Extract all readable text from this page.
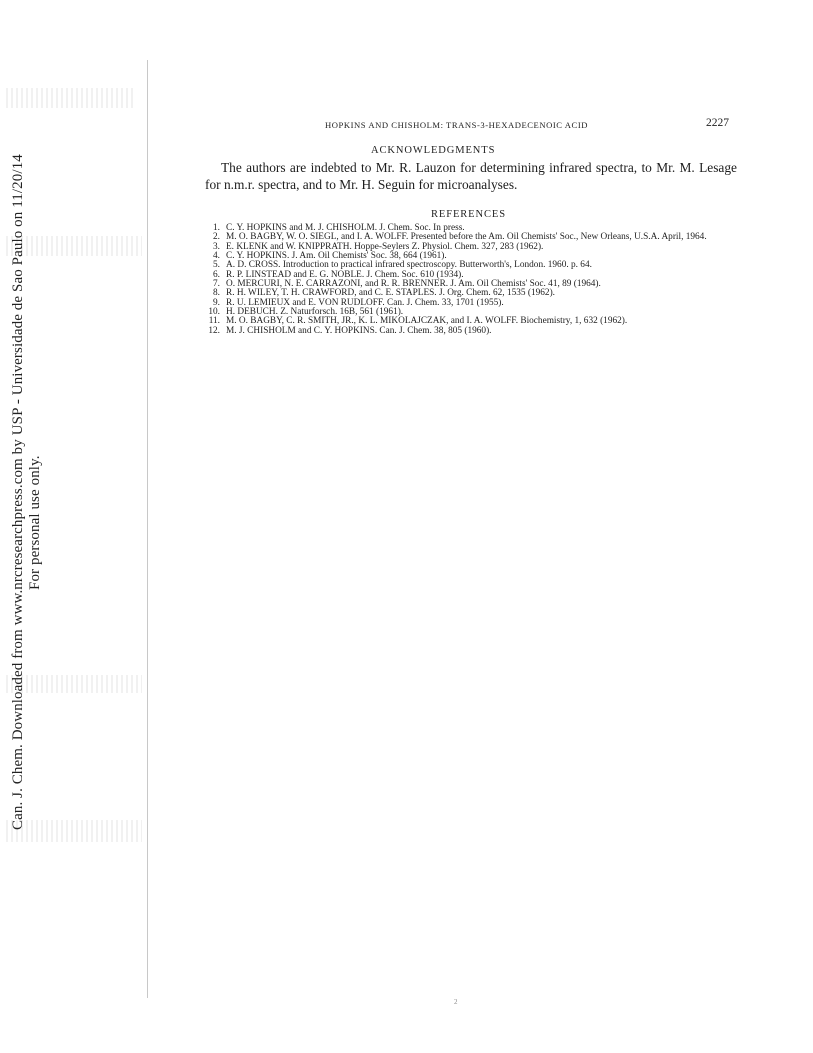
Can. J. Chem. Downloaded from www.nrcresearchpress.com by USP - Universidade de Sao Paulo on 11/20/14 For personal use only.
HOPKINS AND CHISHOLM: TRANS-3-HEXADECENOIC ACID	2227
ACKNOWLEDGMENTS

The authors are indebted to Mr. R. Lauzon for determining infrared spectra, to Mr. M. Lesage for n.m.r. spectra, and to Mr. H. Seguin for microanalyses.

REFERENCES
1. C. Y. HOPKINS and M. J. CHISHOLM. J. Chem. Soc. In press.
2. M. O. BAGBY, W. O. SIEGL, and I. A. WOLFF. Presented before the Am. Oil Chemists' Soc., New Orleans, U.S.A. April, 1964.
3. E. KLENK and W. KNIPPRATH. Hoppe-Seylers Z. Physiol. Chem. 327, 283 (1962).
4. C. Y. HOPKINS. J. Am. Oil Chemists' Soc. 38, 664 (1961).
5. A. D. CROSS. Introduction to practical infrared spectroscopy. Butterworth's, London. 1960. p. 64.
6. R. P. LINSTEAD and E. G. NOBLE. J. Chem. Soc. 610 (1934).
7. O. MERCURI, N. E. CARRAZONI, and R. R. BRENNER. J. Am. Oil Chemists' Soc. 41, 89 (1964).
8. R. H. WILEY, T. H. CRAWFORD, and C. E. STAPLES. J. Org. Chem. 62, 1535 (1962).
9. R. U. LEMIEUX and E. VON RUDLOFF. Can. J. Chem. 33, 1701 (1955).
10. H. DEBUCH. Z. Naturforsch. 16B, 561 (1961).
11. M. O. BAGBY, C. R. SMITH, JR., K. L. MIKOLAJCZAK, and I. A. WOLFF. Biochemistry, 1, 632 (1962).
12. M. J. CHISHOLM and C. Y. HOPKINS. Can. J. Chem. 38, 805 (1960).
2
